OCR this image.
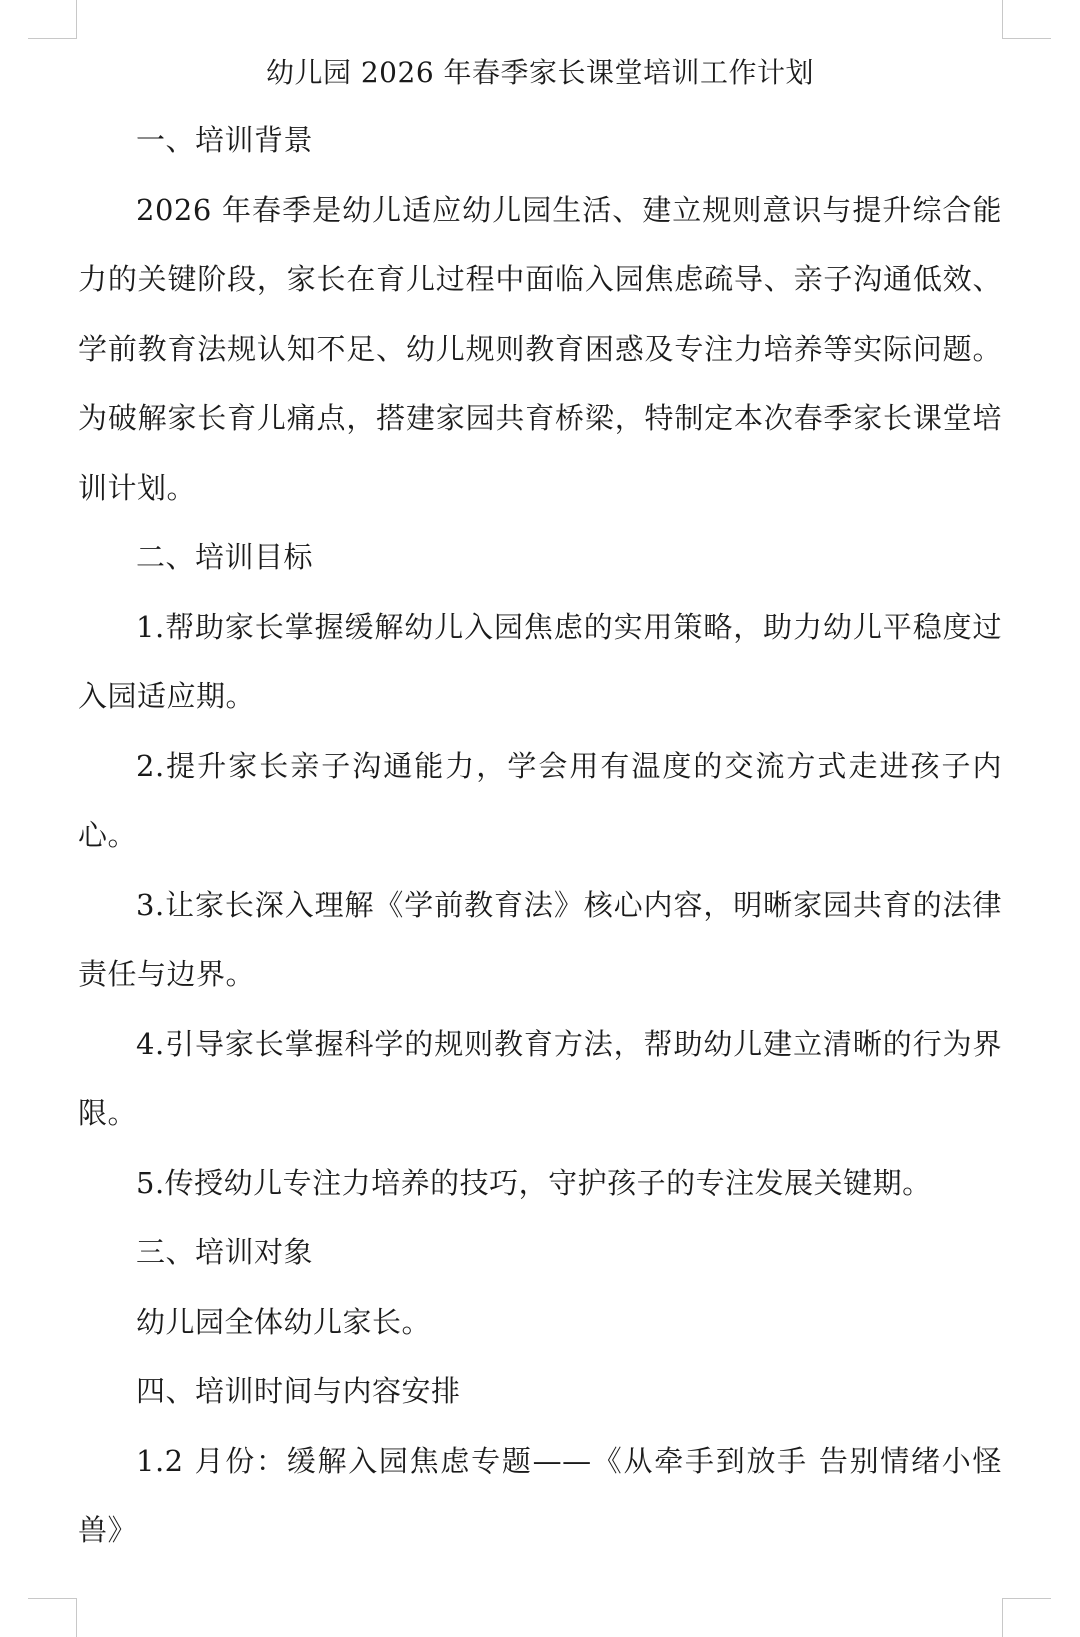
幼儿园 2026 年春季家长课堂培训工作计划

一、培训背景

2026 年春季是幼儿适应幼儿园生活、建立规则意识与提升综合能力的关键阶段，家长在育儿过程中面临入园焦虑疏导、亲子沟通低效、学前教育法规认知不足、幼儿规则教育困惑及专注力培养等实际问题。为破解家长育儿痛点，搭建家园共育桥梁，特制定本次春季家长课堂培训计划。

二、培训目标

1.帮助家长掌握缓解幼儿入园焦虑的实用策略，助力幼儿平稳度过入园适应期。

2.提升家长亲子沟通能力，学会用有温度的交流方式走进孩子内心。

3.让家长深入理解《学前教育法》核心内容，明晰家园共育的法律责任与边界。

4.引导家长掌握科学的规则教育方法，帮助幼儿建立清晰的行为界限。

5.传授幼儿专注力培养的技巧，守护孩子的专注发展关键期。

三、培训对象

幼儿园全体幼儿家长。

四、培训时间与内容安排

1.2 月份：缓解入园焦虑专题——《从牵手到放手 告别情绪小怪兽》
